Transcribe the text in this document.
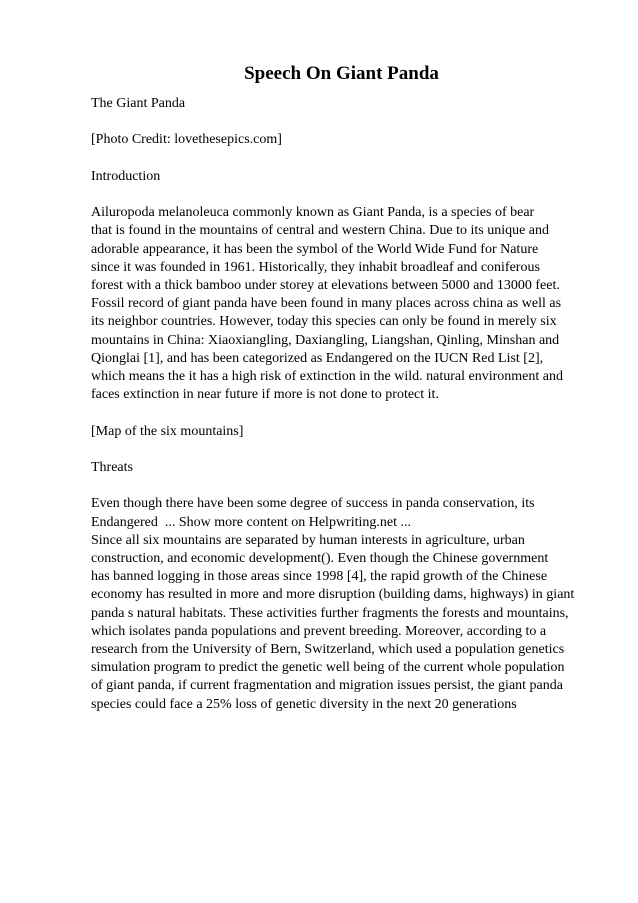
Speech On Giant Panda

The Giant Panda

[Photo Credit: lovethesepics.com]

Introduction

Ailuropoda melanoleuca commonly known as Giant Panda, is a species of bear
that is found in the mountains of central and western China. Due to its unique and
adorable appearance, it has been the symbol of the World Wide Fund for Nature
since it was founded in 1961. Historically, they inhabit broadleaf and coniferous
forest with a thick bamboo under storey at elevations between 5000 and 13000 feet.
Fossil record of giant panda have been found in many places across china as well as
its neighbor countries. However, today this species can only be found in merely six
mountains in China: Xiaoxiangling, Daxiangling, Liangshan, Qinling, Minshan and
Qionglai [1], and has been categorized as Endangered on the IUCN Red List [2],
which means the it has a high risk of extinction in the wild. natural environment and
faces extinction in near future if more is not done to protect it.

[Map of the six mountains]

Threats

Even though there have been some degree of success in panda conservation, its
Endangered  ... Show more content on Helpwriting.net ...
Since all six mountains are separated by human interests in agriculture, urban
construction, and economic development(). Even though the Chinese government
has banned logging in those areas since 1998 [4], the rapid growth of the Chinese
economy has resulted in more and more disruption (building dams, highways) in giant
panda s natural habitats. These activities further fragments the forests and mountains,
which isolates panda populations and prevent breeding. Moreover, according to a
research from the University of Bern, Switzerland, which used a population genetics
simulation program to predict the genetic well being of the current whole population
of giant panda, if current fragmentation and migration issues persist, the giant panda
species could face a 25% loss of genetic diversity in the next 20 generations
